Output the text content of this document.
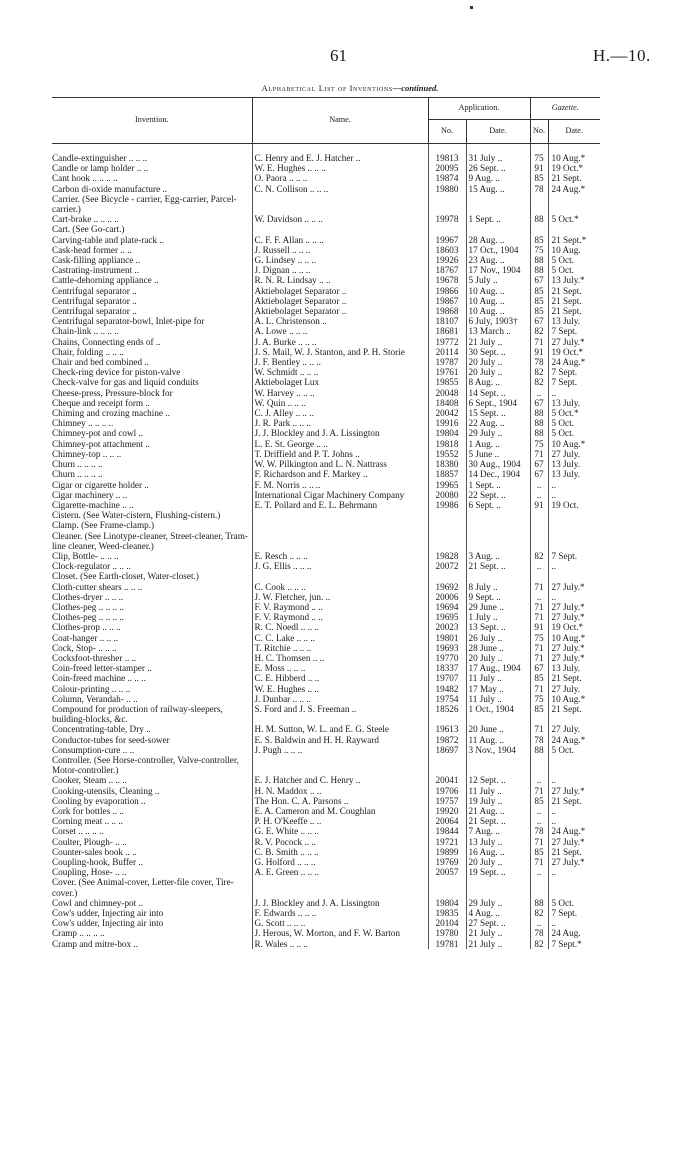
61	H.—10.
Alphabetical List of Inventions—continued.
Invention.	Name.	Application.		Gazette.	
		No.	Date.	No.	Date.

Candle-extinguisher .. .. ..	C. Henry and E. J. Hatcher ..	19813	31 July ..	75	10 Aug.*
Candle or lamp holder .. ..	W. E. Hughes .. .. ..	20095	26 Sept. ..	91	19 Oct.*
Cant hook .. .. .. ..	O. Paora .. .. ..	19874	9 Aug. ..	85	21 Sept.
Carbon di-oxide manufacture ..	C. N. Collison .. .. ..	19880	15 Aug. ..	78	24 Aug.*
Carrier. (See Bicycle - carrier, Egg-carrier, Parcel-carrier.)					
Cart-brake .. .. .. ..	W. Davidson .. .. ..	19978	1 Sept. ..	88	5 Oct.*
Cart. (See Go-cart.)					
Carving-table and plate-rack ..	C. F. F. Allan .. .. ..	19967	28 Aug. ..	85	21 Sept.*
Cask-head former .. ..	J. Russell .. .. ..	18603	17 Oct., 1904	75	10 Aug.
Cask-filling appliance ..	G. Lindsey .. .. ..	19926	23 Aug. ..	88	5 Oct.
Castrating-instrument ..	J. Dignan .. .. ..	18767	17 Nov., 1904	88	5 Oct.
Cattle-dehorning appliance ..	R. N. R. Lindsay .. ..	19678	5 July ..	67	13 July.*
Centrifugal separator ..	Aktiebolaget Separator ..	19866	10 Aug. ..	85	21 Sept.
Centrifugal separator ..	Aktiebolaget Separator ..	19867	10 Aug. ..	85	21 Sept.
Centrifugal separator ..	Aktiebolaget Separator ..	19868	10 Aug. ..	85	21 Sept.
Centrifugal separator-bowl, Inlet-pipe for	A. L. Christenson ..	18107	6 July, 1903†	67	13 July.
Chain-link .. .. .. ..	A. Lowe .. .. ..	18681	13 March ..	82	7 Sept.
Chains, Connecting ends of ..	J. A. Burke .. .. ..	19772	21 July ..	71	27 July.*
Chair, folding .. .. ..	J. S. Mail, W. J. Stanton, and P. H. Storie	20114	30 Sept. ..	91	19 Oct.*
Chair and bed combined ..	J. F. Bentley .. .. ..	19787	20 July ..	78	24 Aug.*
Check-ring device for piston-valve	W. Schmidt .. .. ..	19761	20 July ..	82	7 Sept.
Check-valve for gas and liquid conduits	Aktiebolaget Lux	19855	8 Aug. ..	82	7 Sept.
Cheese-press, Pressure-block for	W. Harvey .. .. ..	20048	14 Sept. ..	..	..
Cheque and receipt form ..	W. Quin .. .. ..	18408	6 Sept., 1904	67	13 July.
Chiming and crozing machine ..	C. J. Alley .. .. ..	20042	15 Sept. ..	88	5 Oct.*
Chimney .. .. .. ..	J. R. Park .. .. ..	19916	22 Aug. ..	88	5 Oct.
Chimney-pot and cowl ..	J. J. Blockley and J. A. Lissington	19804	29 July ..	88	5 Oct.
Chimney-pot attachment ..	L. E. St. George .. ..	19818	1 Aug. ..	75	10 Aug.*
Chimney-top .. .. ..	T. Driffield and P. T. Johns ..	19552	5 June ..	71	27 July.
Churn .. .. .. ..	W. W. Pilkington and L. N. Nattrass	18380	30 Aug., 1904	67	13 July.
Churn .. .. .. ..	F. Richardson and F. Markey ..	18857	14 Dec., 1904	67	13 July.
Cigar or cigarette holder ..	F. M. Norris .. .. ..	19965	1 Sept. ..	..	..
Cigar machinery .. ..	International Cigar Machinery Company	20080	22 Sept. ..	..	..
Cigarette-machine .. ..	E. T. Pollard and E. L. Behrmann	19986	6 Sept. ..	91	19 Oct.
Cistern. (See Water-cistern, Flushing-cistern.)					
Clamp. (See Frame-clamp.)					
Cleaner. (See Linotype-cleaner, Street-cleaner, Tram-line cleaner, Weed-cleaner.)					
Clip, Bottle- .. .. ..	E. Resch .. .. ..	19828	3 Aug. ..	82	7 Sept.
Clock-regulator .. .. ..	J. G. Ellis .. .. ..	20072	21 Sept. ..	..	..
Closet. (See Earth-closet, Water-closet.)					
Cloth-cutter shears .. .. ..	C. Cook .. .. ..	19692	8 July ..	71	27 July.*
Clothes-dryer .. .. ..	J. W. Fletcher, jun. ..	20006	9 Sept. ..	..	..
Clothes-peg .. .. .. ..	F. V. Raymond .. ..	19694	29 June ..	71	27 July.*
Clothes-peg .. .. .. ..	F. V. Raymond .. ..	19695	1 July ..	71	27 July.*
Clothes-prop .. .. ..	R. C. Noedl .. .. ..	20023	13 Sept. ..	91	19 Oct.*
Coat-hanger .. .. ..	C. C. Lake .. .. ..	19801	26 July ..	75	10 Aug.*
Cock, Stop- .. .. ..	T. Ritchie .. .. ..	19693	28 June ..	71	27 July.*
Cocksfoot-thresher .. ..	H. C. Thomsen .. ..	19770	20 July ..	71	27 July.*
Coin-freed letter-stamper ..	E. Moss .. .. ..	18337	17 Aug., 1904	67	13 July.
Coin-freed machine .. .. ..	C. E. Hibberd .. ..	19707	11 July ..	85	21 Sept.
Colour-printing .. .. ..	W. E. Hughes .. ..	19482	17 May ..	71	27 July.
Column, Verandah- .. ..	J. Dunbar .. .. ..	19754	11 July ..	75	10 Aug.*
Compound for production of railway-sleepers, building-blocks, &c.	S. Ford and J. S. Freeman ..	18526	1 Oct., 1904	85	21 Sept.
Concentrating-table, Dry ..	H. M. Sutton, W. L. and E. G. Steele	19613	20 June ..	71	27 July.
Conductor-tubes for seed-sower	E. S. Baldwin and H. H. Rayward	19872	11 Aug. ..	78	24 Aug.*
Consumption-cure .. ..	J. Pugh .. .. ..	18697	3 Nov., 1904	88	5 Oct.
Controller. (See Horse-controller, Valve-controller, Motor-controller.)					
Cooker, Steam .. .. ..	E. J. Hatcher and C. Henry ..	20041	12 Sept. ..	..	..
Cooking-utensils, Cleaning ..	H. N. Maddox .. ..	19706	11 July ..	71	27 July.*
Cooling by evaporation ..	The Hon. C. A. Parsons ..	19757	19 July ..	85	21 Sept.
Cork for bottles .. ..	E. A. Cameron and M. Coughlan	19920	21 Aug. ..	..	..
Corning meat .. .. ..	P. H. O'Keeffe .. ..	20064	21 Sept. ..	..	..
Corset .. .. .. ..	G. E. White .. .. ..	19844	7 Aug. ..	78	24 Aug.*
Coulter, Plough- .. ..	R. V. Pocock .. ..	19721	13 July ..	71	27 July.*
Counter-sales book .. ..	C. B. Smith .. .. ..	19899	16 Aug. ..	85	21 Sept.
Coupling-hook, Buffer ..	G. Holford .. .. ..	19769	20 July ..	71	27 July.*
Coupling, Hose- .. ..	A. E. Green .. .. ..	20057	19 Sept. ..	..	..
Cover. (See Animal-cover, Letter-file cover, Tire-cover.)					
Cowl and chimney-pot ..	J. J. Blockley and J. A. Lissington	19804	29 July ..	88	5 Oct.
Cow's udder, Injecting air into	F. Edwards .. .. ..	19835	4 Aug. ..	82	7 Sept.
Cow's udder, Injecting air into	G. Scott .. .. ..	20104	27 Sept. ..	..	..
Cramp .. .. .. ..	J. Herous, W. Morton, and F. W. Barton	19780	21 July ..	78	24 Aug.
Cramp and mitre-box ..	R. Wales .. .. ..	19781	21 July ..	82	7 Sept.*
